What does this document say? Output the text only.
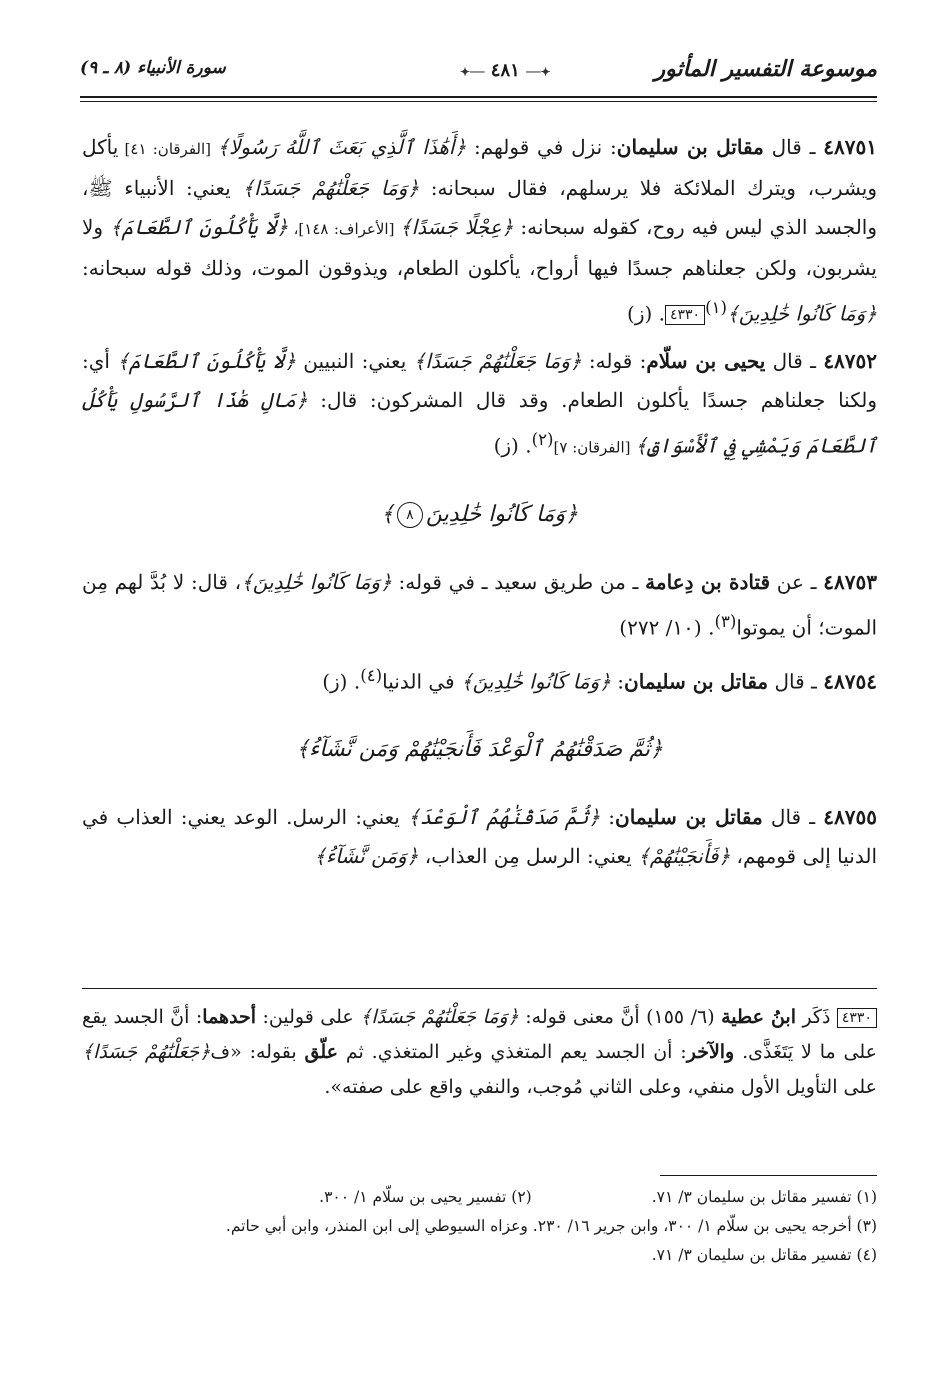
موسوعة التفسير المأثور
✦── ٤٨١ ──✦
سورة الأنبياء (٨ ـ ٩)

٤٨٧٥١ ـ قال مقاتل بن سليمان: نزل في قولهم: ﴿أَهَٰذَا ٱلَّذِي بَعَثَ ٱللَّهُ رَسُولًا﴾ [الفرقان: ٤١] يأكل ويشرب، ويترك الملائكة فلا يرسلهم، فقال سبحانه: ﴿وَمَا جَعَلْنَٰهُمْ جَسَدًا﴾ يعني: الأنبياء ﷺ، والجسد الذي ليس فيه روح، كقوله سبحانه: ﴿عِجْلًا جَسَدًا﴾ [الأعراف: ١٤٨]، ﴿لَّا يَأْكُلُونَ ٱلطَّعَامَ﴾ ولا يشربون، ولكن جعلناهم جسدًا فيها أرواح، يأكلون الطعام، ويذوقون الموت، وذلك قوله سبحانه: ﴿وَمَا كَانُوا خَٰلِدِينَ﴾$^{(١)}$٤٣٣٠. (ز)

٤٨٧٥٢ ـ قال يحيى بن سلّام: قوله: ﴿وَمَا جَعَلْنَٰهُمْ جَسَدًا﴾ يعني: النبيين ﴿لَّا يَأْكُلُونَ ٱلطَّعَامَ﴾ أي: ولكنا جعلناهم جسدًا يأكلون الطعام. وقد قال المشركون: قال: ﴿مَالِ هَٰذَا ٱلرَّسُولِ يَأْكُلُ ٱلطَّعَامَ وَيَمْشِي فِي ٱلْأَسْوَاقِ﴾ [الفرقان: ٧]$^{(٢)}$. (ز)

﴿وَمَا كَانُوا خَٰلِدِينَ٨﴾

٤٨٧٥٣ ـ عن قتادة بن دِعامة ـ من طريق سعيد ـ في قوله: ﴿وَمَا كَانُوا خَٰلِدِينَ﴾، قال: لا بُدَّ لهم مِن الموت؛ أن يموتوا$^{(٣)}$. (١٠/ ٢٧٢)

٤٨٧٥٤ ـ قال مقاتل بن سليمان: ﴿وَمَا كَانُوا خَٰلِدِينَ﴾ في الدنيا$^{(٤)}$. (ز)

﴿ثُمَّ صَدَقْنَٰهُمُ ٱلْوَعْدَ فَأَنجَيْنَٰهُمْ وَمَن نَّشَآءُ﴾

٤٨٧٥٥ ـ قال مقاتل بن سليمان: ﴿ثُمَّ صَدَقْنَٰهُمُ ٱلْوَعْدَ﴾ يعني: الرسل. الوعد يعني: العذاب في الدنيا إلى قومهم، ﴿فَأَنجَيْنَٰهُمْ﴾ يعني: الرسل مِن العذاب، ﴿وَمَن نَّشَآءُ﴾

٤٣٣٠ ذَكَر ابنُ عطية (٦/ ١٥٥) أنَّ معنى قوله: ﴿وَمَا جَعَلْنَٰهُمْ جَسَدًا﴾ على قولين: أحدهما: أنَّ الجسد يقع على ما لا يَتَغَذَّى. والآخر: أن الجسد يعم المتغذي وغير المتغذي. ثم علّق بقوله: «ف﴿جَعَلْنَٰهُمْ جَسَدًا﴾ على التأويل الأول منفي، وعلى الثاني مُوجب، والنفي واقع على صفته».
(١) تفسير مقاتل بن سليمان ٣/ ٧١.
(٢) تفسير يحيى بن سلّام ١/ ٣٠٠.
(٣) أخرجه يحيى بن سلّام ١/ ٣٠٠، وابن جرير ١٦/ ٢٣٠. وعزاه السيوطي إلى ابن المنذر، وابن أبي حاتم.
(٤) تفسير مقاتل بن سليمان ٣/ ٧١.
